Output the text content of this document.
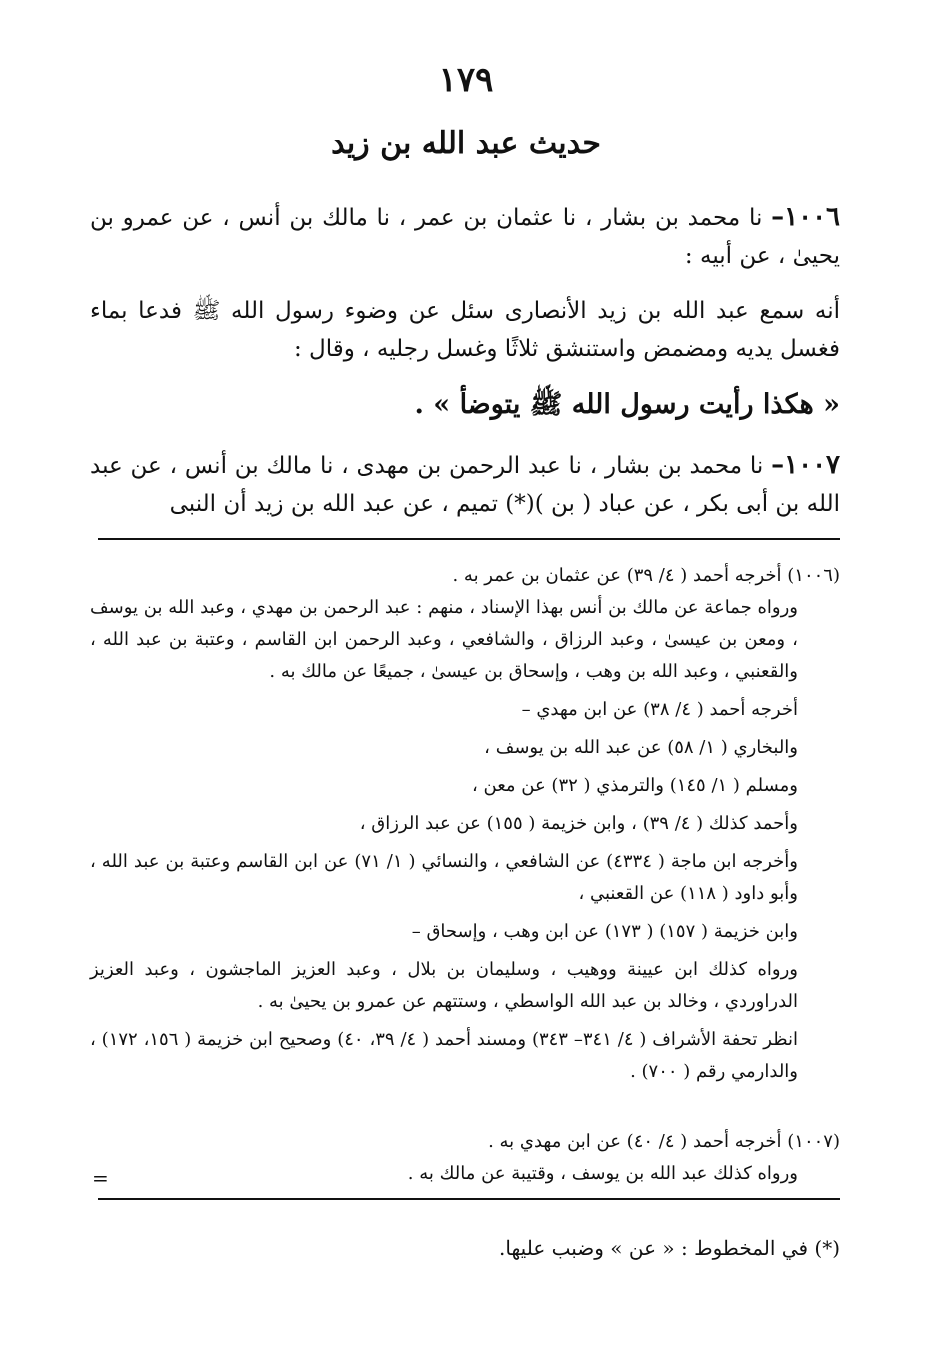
١٧٩
حديث عبد الله بن زيد

١٠٠٦– نا محمد بن بشار ، نا عثمان بن عمر ، نا مالك بن أنس ، عن عمرو بن يحيىٰ ، عن أبيه :

أنه سمع عبد الله بن زيد الأنصارى سئل عن وضوء رسول الله ﷺ فدعا بماء فغسل يديه ومضمض واستنشق ثلاثًا وغسل رجليه ، وقال :

« هكذا رأيت رسول الله ﷺ يتوضأ » .

١٠٠٧– نا محمد بن بشار ، نا عبد الرحمن بن مهدى ، نا مالك بن أنس ، عن عبد الله بن أبى بكر ، عن عباد ( بن )(*) تميم ، عن عبد الله بن زيد أن النبى

(١٠٠٦) أخرجه أحمد ( ٤/ ٣٩) عن عثمان بن عمر به .

ورواه جماعة عن مالك بن أنس بهذا الإسناد ، منهم : عبد الرحمن بن مهدي ، وعبد الله بن يوسف ، ومعن بن عيسىٰ ، وعبد الرزاق ، والشافعي ، وعبد الرحمن ابن القاسم ، وعتبة بن عبد الله ، والقعنبي ، وعبد الله بن وهب ، وإسحاق بن عيسىٰ ، جميعًا عن مالك به .

أخرجه أحمد ( ٤/ ٣٨) عن ابن مهدي –

والبخاري ( ١/ ٥٨) عن عبد الله بن يوسف ،

ومسلم ( ١/ ١٤٥) والترمذي ( ٣٢) عن معن ،

وأحمد كذلك ( ٤/ ٣٩) ، وابن خزيمة ( ١٥٥) عن عبد الرزاق ،

وأخرجه ابن ماجة ( ٤٣٣٤) عن الشافعي ، والنسائي ( ١/ ٧١) عن ابن القاسم وعتبة بن عبد الله ، وأبو داود ( ١١٨) عن القعنبي ،

وابن خزيمة ( ١٥٧) ( ١٧٣) عن ابن وهب ، وإسحاق –

ورواه كذلك ابن عيينة ووهيب ، وسليمان بن بلال ، وعبد العزيز الماجشون ، وعبد العزيز الدراوردي ، وخالد بن عبد الله الواسطي ، وستتهم عن عمرو بن يحيىٰ به .

انظر تحفة الأشراف ( ٤/ ٣٤١– ٣٤٣) ومسند أحمد ( ٤/ ٣٩، ٤٠) وصحيح ابن خزيمة ( ١٥٦، ١٧٢) ، والدارمي رقم ( ٧٠٠) .

(١٠٠٧) أخرجه أحمد ( ٤/ ٤٠) عن ابن مهدي به .

ورواه كذلك عبد الله بن يوسف ، وقتيبة عن مالك به .

=
(*) في المخطوط : « عن » وضبب عليها.
